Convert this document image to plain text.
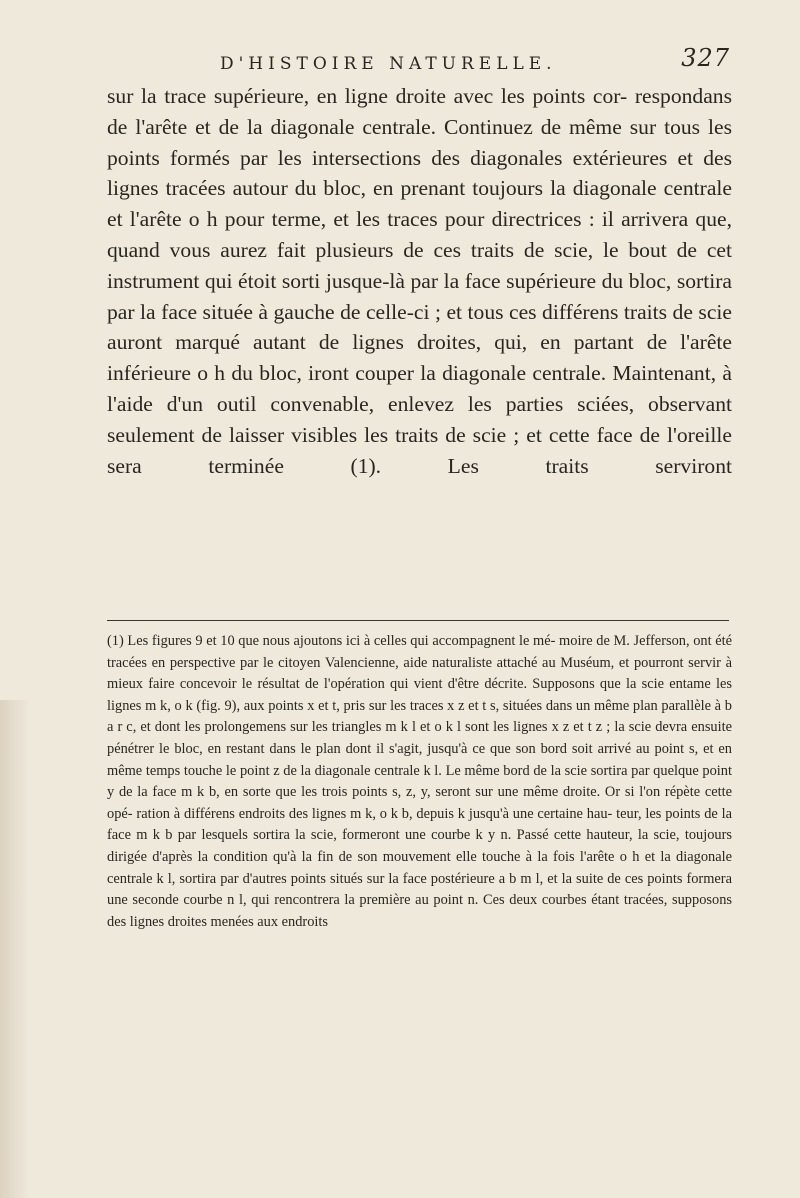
D'HISTOIRE NATURELLE.	327

sur la trace supérieure, en ligne droite avec les points cor- respondans de l'arête et de la diagonale centrale. Continuez de même sur tous les points formés par les intersections des diagonales extérieures et des lignes tracées autour du bloc, en prenant toujours la diagonale centrale et l'arête o h pour terme, et les traces pour directrices : il arrivera que, quand vous aurez fait plusieurs de ces traits de scie, le bout de cet instrument qui étoit sorti jusque-là par la face supérieure du bloc, sortira par la face située à gauche de celle-ci ; et tous ces différens traits de scie auront marqué autant de lignes droites, qui, en partant de l'arête inférieure o h du bloc, iront couper la diagonale centrale. Maintenant, à l'aide d'un outil convenable, enlevez les parties sciées, observant seulement de laisser visibles les traits de scie ; et cette face de l'oreille sera terminée (1). Les traits serviront

(1) Les figures 9 et 10 que nous ajoutons ici à celles qui accompagnent le mé- moire de M. Jefferson, ont été tracées en perspective par le citoyen Valencienne, aide naturaliste attaché au Muséum, et pourront servir à mieux faire concevoir le résultat de l'opération qui vient d'être décrite. Supposons que la scie entame les lignes m k, o k (fig. 9), aux points x et t, pris sur les traces x z et t s, situées dans un même plan parallèle à b a r c, et dont les prolongemens sur les triangles m k l et o k l sont les lignes x z et t z ; la scie devra ensuite pénétrer le bloc, en restant dans le plan dont il s'agit, jusqu'à ce que son bord soit arrivé au point s, et en même temps touche le point z de la diagonale centrale k l. Le même bord de la scie sortira par quelque point y de la face m k b, en sorte que les trois points s, z, y, seront sur une même droite. Or si l'on répète cette opé- ration à différens endroits des lignes m k, o k b, depuis k jusqu'à une certaine hau- teur, les points de la face m k b par lesquels sortira la scie, formeront une courbe k y n. Passé cette hauteur, la scie, toujours dirigée d'après la condition qu'à la fin de son mouvement elle touche à la fois l'arête o h et la diagonale centrale k l, sortira par d'autres points situés sur la face postérieure a b m l, et la suite de ces points formera une seconde courbe n l, qui rencontrera la première au point n. Ces deux courbes étant tracées, supposons des lignes droites menées aux endroits
